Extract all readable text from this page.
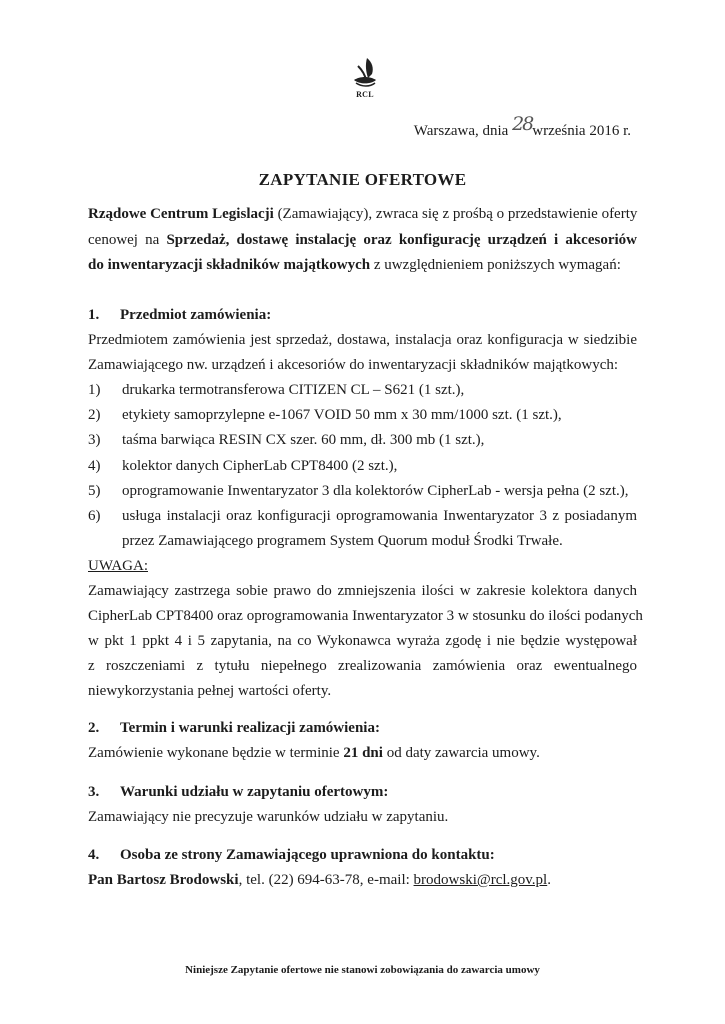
RCL
Warszawa, dnia 28września 2016 r.
ZAPYTANIE OFERTOWE
Rządowe Centrum Legislacji (Zamawiający), zwraca się z prośbą o przedstawienie oferty
cenowej na Sprzedaż, dostawę instalację oraz konfigurację urządzeń i akcesoriów
do inwentaryzacji składników majątkowych z uwzględnieniem poniższych wymagań:
1. Przedmiot zamówienia:
Przedmiotem zamówienia jest sprzedaż, dostawa, instalacja oraz konfiguracja w siedzibie
Zamawiającego nw. urządzeń i akcesoriów do inwentaryzacji składników majątkowych:
1) drukarka termotransferowa CITIZEN CL – S621 (1 szt.),
2) etykiety samoprzylepne e-1067 VOID 50 mm x 30 mm/1000 szt. (1 szt.),
3) taśma barwiąca RESIN CX szer. 60 mm, dł. 300 mb (1 szt.),
4) kolektor danych CipherLab CPT8400 (2 szt.),
5) oprogramowanie Inwentaryzator 3 dla kolektorów CipherLab - wersja pełna (2 szt.),
6) usługa instalacji oraz konfiguracji oprogramowania Inwentaryzator 3 z posiadanym
przez Zamawiającego programem System Quorum moduł Środki Trwałe.
UWAGA:
Zamawiający zastrzega sobie prawo do zmniejszenia ilości w zakresie kolektora danych
CipherLab CPT8400 oraz oprogramowania Inwentaryzator 3 w stosunku do ilości podanych
w pkt 1 ppkt 4 i 5 zapytania, na co Wykonawca wyraża zgodę i nie będzie występował
z roszczeniami z tytułu niepełnego zrealizowania zamówienia oraz ewentualnego
niewykorzystania pełnej wartości oferty.
2. Termin i warunki realizacji zamówienia:
Zamówienie wykonane będzie w terminie 21 dni od daty zawarcia umowy.
3. Warunki udziału w zapytaniu ofertowym:
Zamawiający nie precyzuje warunków udziału w zapytaniu.
4. Osoba ze strony Zamawiającego uprawniona do kontaktu:
Pan Bartosz Brodowski, tel. (22) 694-63-78, e-mail: brodowski@rcl.gov.pl.
Niniejsze Zapytanie ofertowe nie stanowi zobowiązania do zawarcia umowy
